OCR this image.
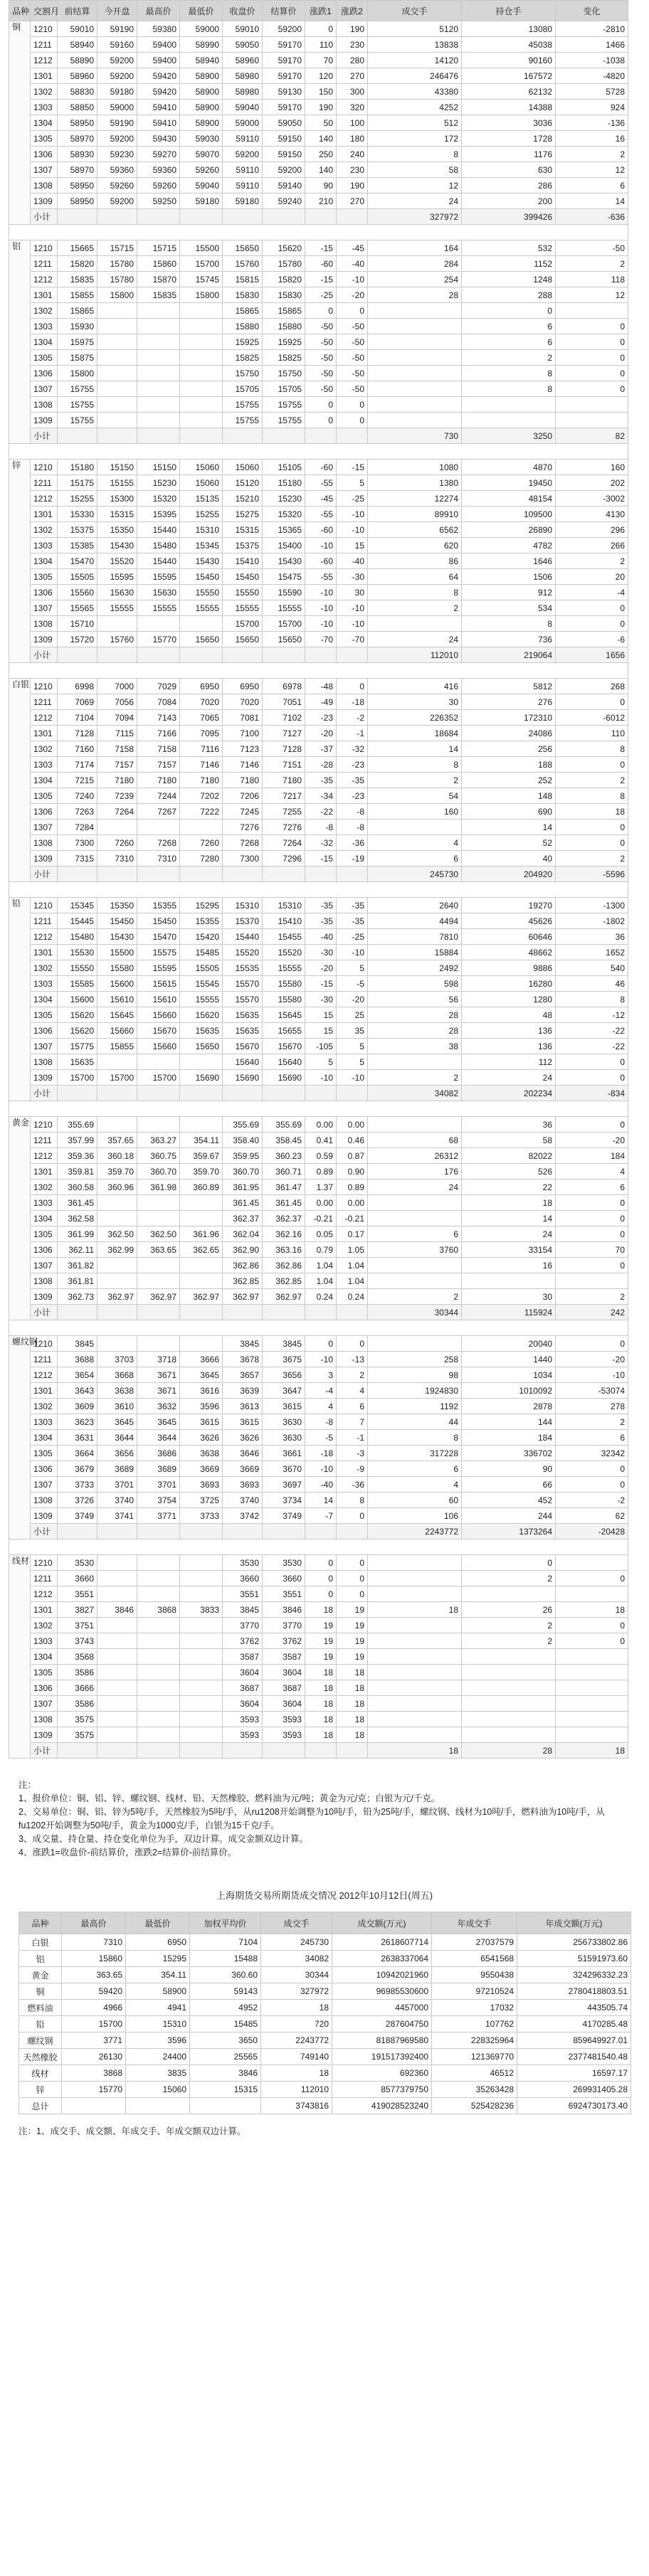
品种	交割月	前结算	今开盘	最高价	最低价	收盘价	结算价	涨跌1	涨跌2	成交手	持仓手	变化
铜	1210	59010	59190	59380	59000	59010	59200	0	190	5120	13080	-2810
	1211	58940	59160	59400	58990	59050	59170	110	230	13838	45038	1466
	1212	58890	59200	59400	58940	58960	59170	70	280	14120	90160	-1038
	1301	58960	59200	59420	58900	58980	59170	120	270	246476	167572	-4820
	1302	58830	59180	59420	58900	58980	59130	150	300	43380	62132	5728
	1303	58850	59000	59410	58900	59040	59170	190	320	4252	14388	924
	1304	58950	59190	59410	58900	59000	59050	50	100	512	3036	-136
	1305	58970	59200	59430	59030	59110	59150	140	180	172	1728	16
	1306	58930	59230	59270	59070	59200	59150	250	240	8	1176	2
	1307	58970	59360	59360	59260	59110	59200	140	230	58	630	12
	1308	58950	59260	59260	59040	59110	59140	90	190	12	286	6
	1309	58950	59200	59250	59180	59180	59240	210	270	24	200	14
	小计									327972	399426	-636

铝	1210	15665	15715	15715	15500	15650	15620	-15	-45	164	532	-50
	1211	15820	15780	15860	15700	15760	15780	-60	-40	284	1152	2
	1212	15835	15780	15870	15745	15815	15820	-15	-10	254	1248	118
	1301	15855	15800	15835	15800	15830	15830	-25	-20	28	288	12
	1302	15865				15865	15865	0	0		0	
	1303	15930				15880	15880	-50	-50		6	0
	1304	15975				15925	15925	-50	-50		6	0
	1305	15875				15825	15825	-50	-50		2	0
	1306	15800				15750	15750	-50	-50		8	0
	1307	15755				15705	15705	-50	-50		8	0
	1308	15755				15755	15755	0	0			
	1309	15755				15755	15755	0	0			
	小计									730	3250	82

锌	1210	15180	15150	15150	15060	15060	15105	-60	-15	1080	4870	160
	1211	15175	15155	15230	15060	15120	15180	-55	5	1380	19450	202
	1212	15255	15300	15320	15135	15210	15230	-45	-25	12274	48154	-3002
	1301	15330	15315	15395	15255	15275	15320	-55	-10	89910	109500	4130
	1302	15375	15350	15440	15310	15315	15365	-60	-10	6562	26890	296
	1303	15385	15430	15480	15345	15375	15400	-10	15	620	4782	266
	1304	15470	15520	15440	15430	15410	15430	-60	-40	86	1646	2
	1305	15505	15595	15595	15450	15450	15475	-55	-30	64	1506	20
	1306	15560	15630	15630	15550	15550	15590	-10	30	8	912	-4
	1307	15565	15555	15555	15555	15555	15555	-10	-10	2	534	0
	1308	15710				15700	15700	-10	-10		8	0
	1309	15720	15760	15770	15650	15650	15650	-70	-70	24	736	-6
	小计									112010	219064	1656

白银	1210	6998	7000	7029	6950	6950	6978	-48	0	416	5812	268
	1211	7069	7056	7084	7020	7020	7051	-49	-18	30	276	0
	1212	7104	7094	7143	7065	7081	7102	-23	-2	226352	172310	-6012
	1301	7128	7115	7166	7095	7100	7127	-20	-1	18684	24086	110
	1302	7160	7158	7158	7116	7123	7128	-37	-32	14	256	8
	1303	7174	7157	7157	7146	7146	7151	-28	-23	8	188	0
	1304	7215	7180	7180	7180	7180	7180	-35	-35	2	252	2
	1305	7240	7239	7244	7202	7206	7217	-34	-23	54	148	8
	1306	7263	7264	7267	7222	7245	7255	-22	-8	160	690	18
	1307	7284				7276	7276	-8	-8		14	0
	1308	7300	7260	7268	7260	7268	7264	-32	-36	4	52	0
	1309	7315	7310	7310	7280	7300	7296	-15	-19	6	40	2
	小计									245730	204920	-5596

铅	1210	15345	15350	15355	15295	15310	15310	-35	-35	2640	19270	-1300
	1211	15445	15450	15450	15355	15370	15410	-35	-35	4494	45626	-1802
	1212	15480	15430	15470	15420	15440	15455	-40	-25	7810	60646	36
	1301	15530	15500	15575	15485	15520	15520	-30	-10	15884	48662	1652
	1302	15550	15580	15595	15505	15535	15555	-20	5	2492	9886	540
	1303	15585	15600	15615	15545	15570	15580	-15	-5	598	16280	46
	1304	15600	15610	15610	15555	15570	15580	-30	-20	56	1280	8
	1305	15620	15645	15660	15620	15635	15645	15	25	28	48	-12
	1306	15620	15660	15670	15635	15635	15655	15	35	28	136	-22
	1307	15775	15855	15660	15650	15670	15670	-105	5	38	136	-22
	1308	15635				15640	15640	5	5		112	0
	1309	15700	15700	15700	15690	15690	15690	-10	-10	2	24	0
	小计									34082	202234	-834

黄金	1210	355.69				355.69	355.69	0.00	0.00		36	0
	1211	357.99	357.65	363.27	354.11	358.40	358.45	0.41	0.46	68	58	-20
	1212	359.36	360.18	360.75	359.67	359.95	360.23	0.59	0.87	26312	82022	184
	1301	359.81	359.70	360.70	359.70	360.70	360.71	0.89	0.90	176	526	4
	1302	360.58	360.96	361.98	360.89	361.95	361.47	1.37	0.89	24	22	6
	1303	361.45				361.45	361.45	0.00	0.00		18	0
	1304	362.58				362.37	362.37	-0.21	-0.21		14	0
	1305	361.99	362.50	362.50	361.96	362.04	362.16	0.05	0.17	6	24	0
	1306	362.11	362.99	363.65	362.65	362.90	363.16	0.79	1.05	3760	33154	70
	1307	361.82				362.86	362.86	1.04	1.04		16	0
	1308	361.81				362.85	362.85	1.04	1.04			
	1309	362.73	362.97	362.97	362.97	362.97	362.97	0.24	0.24	2	30	2
	小计									30344	115924	242

螺纹钢	1210	3845				3845	3845	0	0		20040	0
	1211	3688	3703	3718	3666	3678	3675	-10	-13	258	1440	-20
	1212	3654	3668	3671	3645	3657	3656	3	2	98	1034	-10
	1301	3643	3638	3671	3616	3639	3647	-4	4	1924830	1010092	-53074
	1302	3609	3610	3632	3596	3613	3615	4	6	1192	2878	278
	1303	3623	3645	3645	3615	3615	3630	-8	7	44	144	2
	1304	3631	3644	3644	3626	3626	3630	-5	-1	8	184	6
	1305	3664	3656	3686	3638	3646	3661	-18	-3	317228	336702	32342
	1306	3679	3689	3689	3669	3669	3670	-10	-9	6	90	0
	1307	3733	3701	3701	3693	3693	3697	-40	-36	4	66	0
	1308	3726	3740	3754	3725	3740	3734	14	8	60	452	-2
	1309	3749	3741	3771	3733	3742	3749	-7	0	106	244	62
	小计									2243772	1373264	-20428

线材	1210	3530				3530	3530	0	0		0	
	1211	3660				3660	3660	0	0		2	0
	1212	3551				3551	3551	0	0			
	1301	3827	3846	3868	3833	3845	3846	18	19	18	26	18
	1302	3751				3770	3770	19	19		2	0
	1303	3743				3762	3762	19	19		2	0
	1304	3568				3587	3587	19	19			
	1305	3586				3604	3604	18	18			
	1306	3666				3687	3687	18	18			
	1307	3586				3604	3604	18	18			
	1308	3575				3593	3593	18	18			
	1309	3575				3593	3593	18	18			
	小计									18	28	18
注：
1、报价单位：铜、铝、锌、螺纹钢、线材、铅、天然橡胶、燃料油为元/吨；黄金为元/克；白银为元/千克。
2、交易单位：铜、铝、锌为5吨/手，天然橡胶为5吨/手，从ru1208开始调整为10吨/手，铅为25吨/手，螺纹钢、线材为10吨/手，燃料油为10吨/手，从fu1202开始调整为50吨/手，黄金为1000克/手，白银为15千克/手。
3、成交量、持仓量、持仓变化单位为手，双边计算。成交金额双边计算。
4、涨跌1=收盘价-前结算价，涨跌2=结算价-前结算价。
上海期货交易所期货成交情况 2012年10月12日(周五)
品种	最高价	最低价	加权平均价	成交手	成交额(万元)	年成交手	年成交额(万元)
白银	7310	6950	7104	245730	2618607714	27037579	256733802.86
铝	15860	15295	15488	34082	2638337064	6541568	51591973.60
黄金	363.65	354.11	360.60	30344	10942021960	9550438	324296332.23
铜	59420	58900	59143	327972	96985530600	97210524	2780418803.51
燃料油	4966	4941	4952	18	4457000	17032	443505.74
铅	15700	15310	15485	720	287604750	107762	4170285.48
螺纹钢	3771	3596	3650	2243772	81887969580	228325964	859649927.01
天然橡胶	26130	24400	25565	749140	191517392400	121369770	2377481540.48
线材	3868	3835	3846	18	692360	46512	16597.17
锌	15770	15060	15315	112010	8577379750	35263428	269931405.28
总计				3743816	419028523240	525428236	6924730173.40
注：1、成交手、成交额、年成交手、年成交额双边计算。
